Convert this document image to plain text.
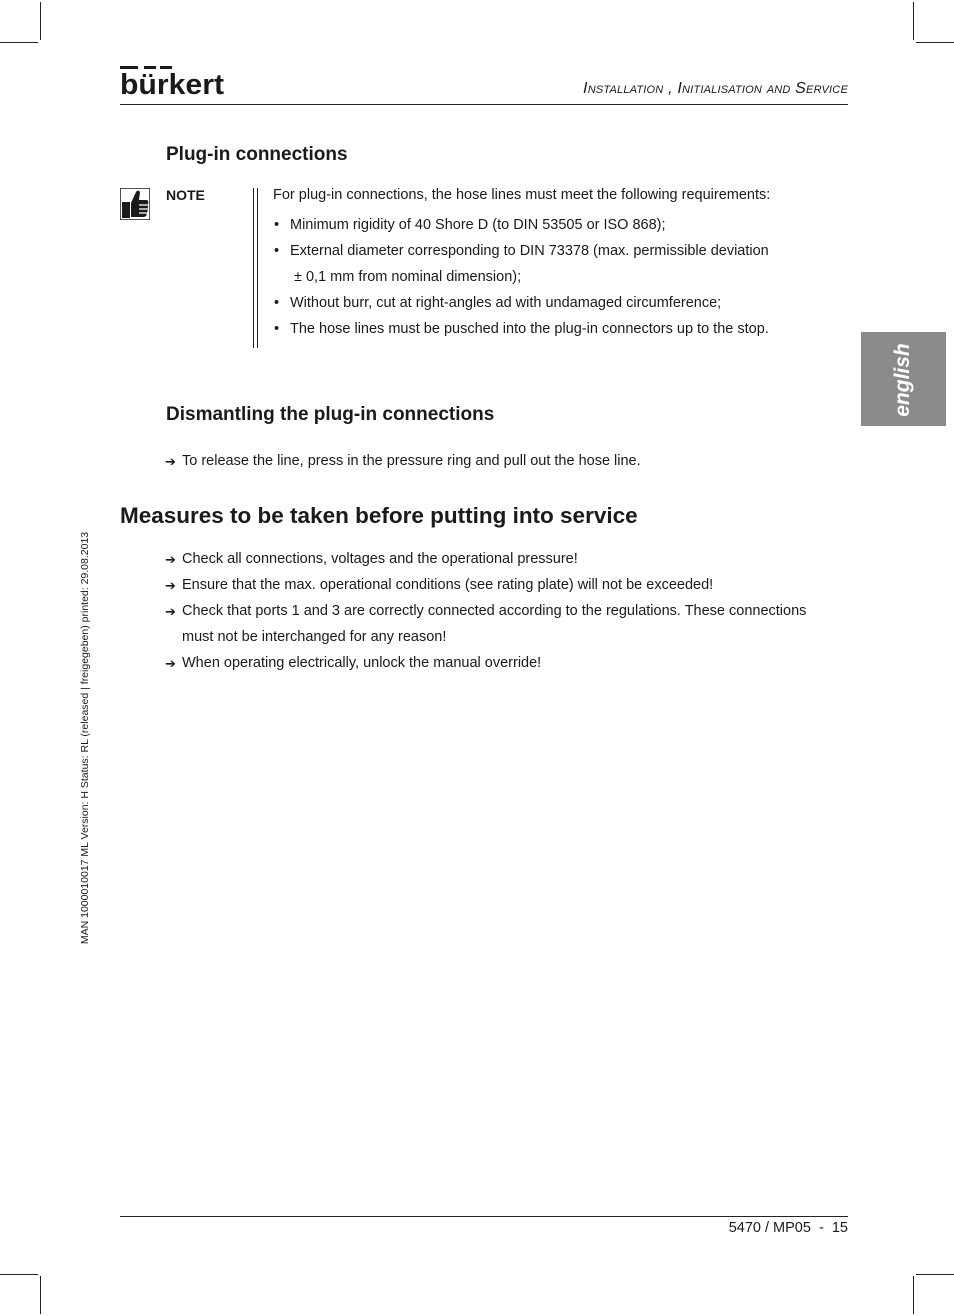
bürkert	Installation , Initialisation and Service
english
MAN 1000010017 ML Version: H Status: RL (released | freigegeben) printed: 29.08.2013
Plug-in connections
NOTE	For plug-in connections, the hose lines must meet the following requirements:
• Minimum rigidity of 40 Shore D (to DIN 53505 or ISO 868);
• External diameter corresponding to DIN 73378 (max. permissible deviation
± 0,1 mm from nominal dimension);
• Without burr, cut at right-angles ad with undamaged circumference;
• The hose lines must be pusched into the plug-in connectors up to the stop.
Dismantling the plug-in connections
➔ To release the line, press in the pressure ring and pull out the hose line.
Measures to be taken before putting into service
➔ Check all connections, voltages and the operational pressure!
➔ Ensure that the max. operational conditions (see rating plate) will not be exceeded!
➔ Check that ports 1 and 3 are correctly connected according to the regulations. These connections must not be interchanged for any reason!
➔ When operating electrically, unlock the manual override!
5470 / MP05  -  15
